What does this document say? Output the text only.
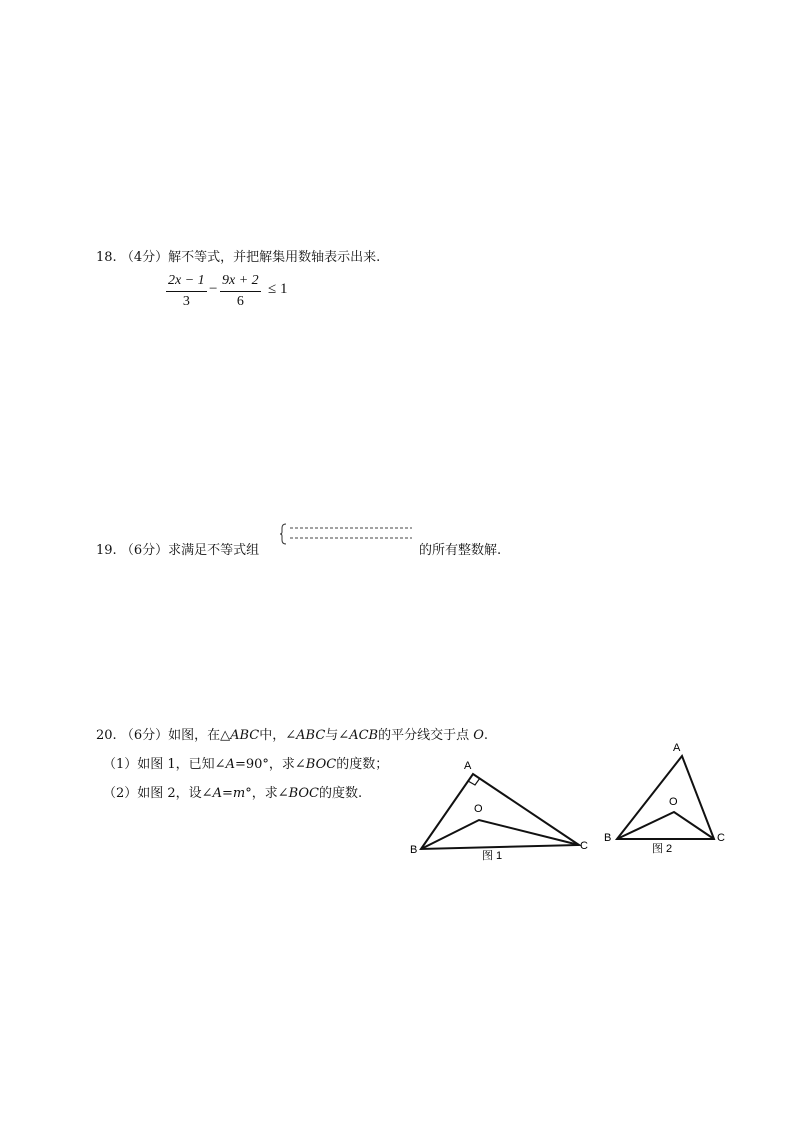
18. （4分）解不等式，并把解集用数轴表示出来.
$\frac{2x - 1}{3} - \frac{9x + 2}{6} \le 1$
19. （6分）求满足不等式组	的所有整数解.
20. （6分）如图，在△ABC中，∠ABC与∠ACB的平分线交于点 O.
（1）如图 1，已知∠A=90°，求∠BOC的度数；
（2）如图 2，设∠A=m°，求∠BOC的度数.
A
B	C
O
图 1
A
B	C
O
图 2
